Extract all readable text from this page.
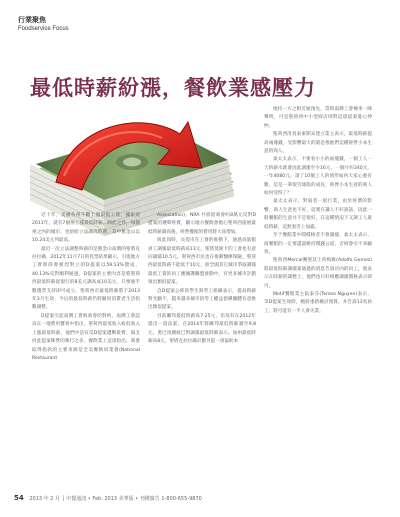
行業聚焦
Foodservice Focus
最低時薪紛漲，餐飲業感壓力

近十年，美國各州不斷上漲最低工資，據報道2011年，就有7個州上漲最低時薪，除此之外，每個州之內的城市，也紛紛立法調高時薪，其中舊金山以10.24美元列最高。

最近一次立法調整時薪的是舊金山南灣的聖塔克拉拉縣，2012年11月7日的投票結果顯示，引進地方工會與商會強烈對立的D提案以59.13%贊成，40.13%反對順利通過，D提案的主要內容是將聖荷西最低時薪從現行的8美元調高成10美元，只要通手數選票支持即可成立。聖荷西市最低時薪將于2013年3月生效，今后的最低時薪仍將隨同消費者生活指數調整。

D提案引起南灣工會與商會的對峙，南灣工會認爲在一地費用寶貴中指出，聖荷西最低收入較低收入上漲最低時薪，他們中是有反D提案遭戰批費，僞支持此提案陣營的執行之多，餐飲業上這項指出，商會取得指款的主要來源是全美餐飲同業會(National Restaurant

Association)，NRA 共捐給商會約8萬元反對D提案的選舉經費，顯示地方餐飲會擔心聖荷西施展最低時薪調高後，經營餐館的費用將大爲增加。

與此同時，長堤市在工會的推動下，通過爲旅館員工調漲最低時薪爲13元。聖塔莫妮卡的工會也有意向調漲10.5元。聖荷西市民也在推動醫療保險，聖荷西最低時薪不能低于10元，紛全國其它城市爭取調漲最低工資的員工應擁護聯盟發動中，有更多城市計劃推出類似提案。

自D提案公佈的學生與勞工組織表示，提高時薪對光顧不，越來越多城市的勞工權益倡導團體有意推出類似提案。

目前聯邦最低時薪爲7.25元，但爲有在2012年提出一項法案，在2014年將聯邦最低時薪調至9.8元，奧巴馬總統已對調漲最低時薪表示。加州最低時薪爲8元，聖塔克拉拉縣計劃另提一項協助本

地持一方之附近通預先，當時南灣工會傳來一陣聲明，可是聖荷西中小型商店則對這項提案憂心忡忡。

聖荷西清真東東期末建立業主表示，最低時薪提高兩塊錢，受影響最大的就是像他們這種經營小本生意的商人。

桑太太表示，不要看小小的兩塊錢，一個工人一天的薪水就會因此調漲至少16元，一個月約340元，一年4080元，請了10個工人的情形如何大家心裏有數，這是一筆很雪球般的成長，經營小本生意的商人如何受得了？

桑太太表示，對弱者一般行業，由於經濟的影響，商人生意也不好，這實在讓人不好說話，因此一般餐館的生意并不是很好，在這種情況下又調工人最低時薪，這無異雪上加霜。

至于餐館業中間價格者不會調漲，桑太太表示，商餐館的一定要盡量維持價錢公道，否則會引不來顧客。

聖荷西Mercal賽聖其士荷梅維(Adolfo Gomez)將最低時薪調漲案通過的消息告訴店內的員工，他表示在時薪的調整上，他們也只好相應調漲價格表示即可。

Motif餐館業主阮泰芬(Teresa Nguyen)表示，等D提案生效時，她將重新檢討預算，并告訴13名員工，將可能有一半人會失業。

54 2013 年 2 月 │ 中餐通訊 • Feb. 2013 美華版 • 刊價廣告 1-800-655-9870
